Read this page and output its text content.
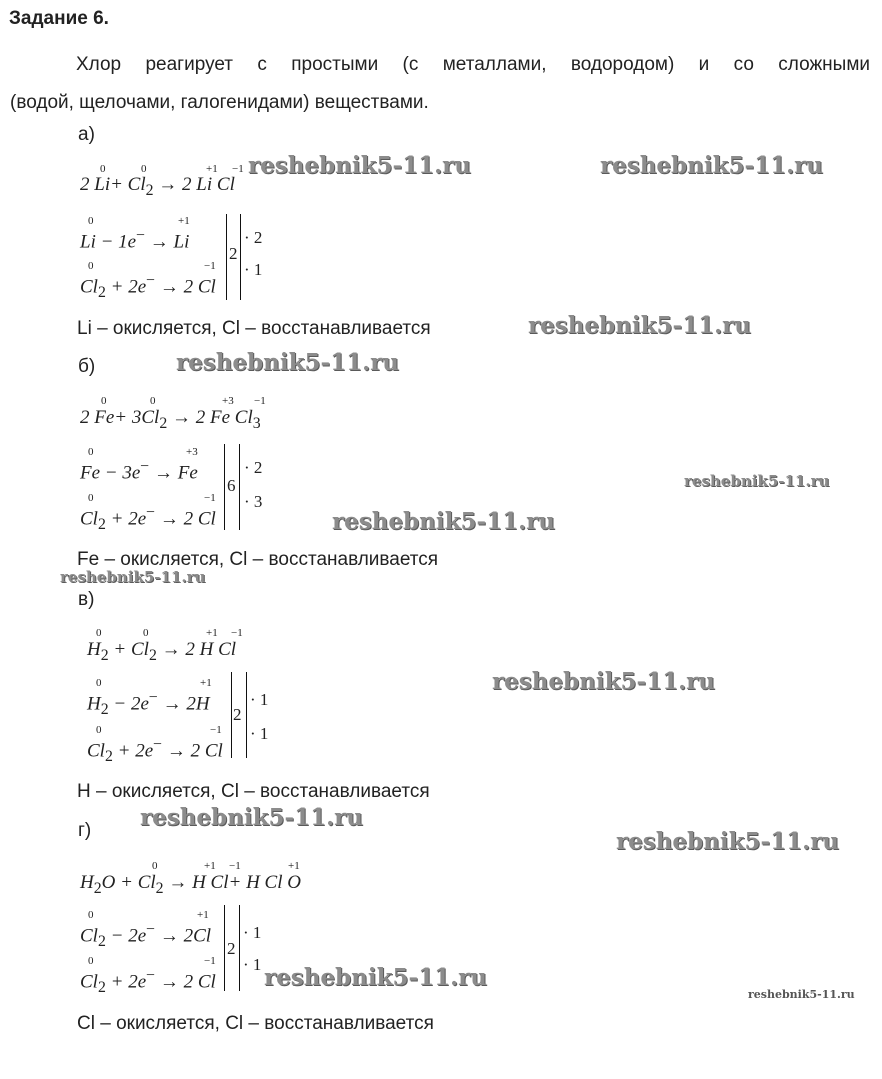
Задание 6.
Хлор реагирует с простыми (с металлами, водородом) и со сложными
(водой, щелочами, галогенидами) веществами.
а)
2 $Li+ Cl_2 \to 2$ Li Cl
0	0	+1 −1
Li − 1e− → Li
0	+1
$Cl_2 + 2e^- \to 2$ Cl
0	−1
2
· 2
· 1
Li – окисляется, Cl – восстанавливается
б)
2 $Fe+ 3Cl_2 \to 2$ Fe $Cl_3$
0	0	+3 −1
Fe − 3e− → Fe
0	+3
$Cl_2 + 2e^- \to 2$ Cl
0	−1
6
· 2
· 3
Fe – окисляется, Cl – восстанавливается
в)
$H_2 + Cl_2 \to 2$ H Cl
0	0	+1 −1
$H_2 - 2e^- \to 2H$
0	+1
$Cl_2 + 2e^- \to 2$ Cl
0	−1
2
· 1
· 1
H – окисляется, Cl – восстанавливается
г)
$H_2O + Cl_2 \to H$ Cl+ H Cl O
0	+1 −1	+1
$Cl_2 - 2e^- \to 2Cl$
0	+1
$Cl_2 + 2e^- \to 2$ Cl
0	−1
2
· 1
· 1
Cl – окисляется, Cl – восстанавливается
reshebnik5-11.ru	reshebnik5-11.ru
reshebnik5-11.ru
reshebnik5-11.ru
reshebnik5-11.ru
reshebnik5-11.ru
reshebnik5-11.ru
reshebnik5-11.ru
reshebnik5-11.ru
reshebnik5-11.ru
reshebnik5-11.ru
reshebnik5-11.ru
